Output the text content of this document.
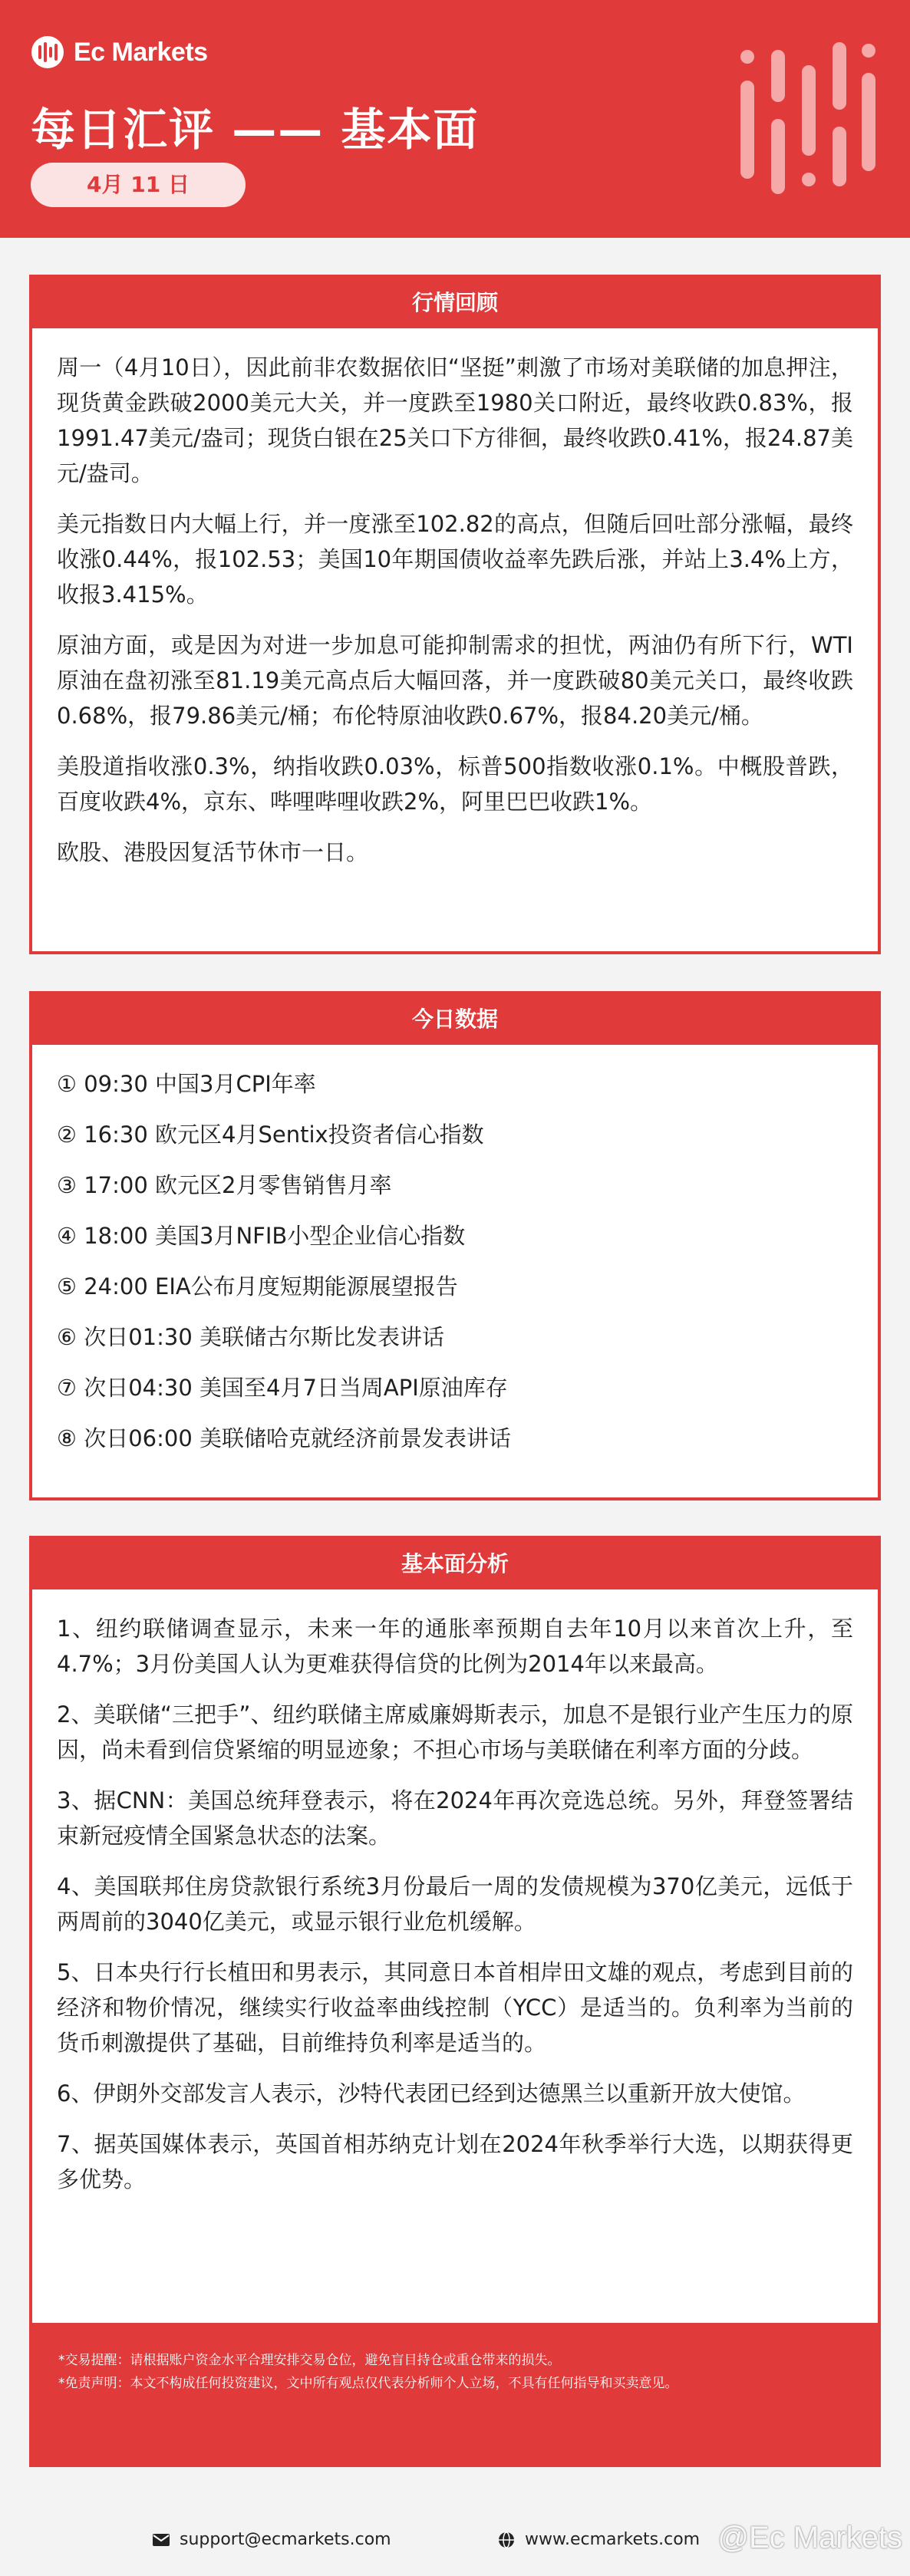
Ec Markets
每日汇评 —— 基本面
4月 11 日
行情回顾

周一（4月10日），因此前非农数据依旧“坚挺”刺激了市场对美联储的加息押注，现货黄金跌破2000美元大关，并一度跌至1980关口附近，最终收跌0.83%，报1991.47美元/盎司；现货白银在25关口下方徘徊，最终收跌0.41%，报24.87美元/盎司。

美元指数日内大幅上行，并一度涨至102.82的高点，但随后回吐部分涨幅，最终收涨0.44%，报102.53；美国10年期国债收益率先跌后涨，并站上3.4%上方，收报3.415%。

原油方面，或是因为对进一步加息可能抑制需求的担忧，两油仍有所下行，WTI原油在盘初涨至81.19美元高点后大幅回落，并一度跌破80美元关口，最终收跌0.68%，报79.86美元/桶；布伦特原油收跌0.67%，报84.20美元/桶。

美股道指收涨0.3%，纳指收跌0.03%，标普500指数收涨0.1%。中概股普跌，百度收跌4%，京东、哔哩哔哩收跌2%，阿里巴巴收跌1%。

欧股、港股因复活节休市一日。

今日数据
① 09:30 中国3月CPI年率
② 16:30 欧元区4月Sentix投资者信心指数
③ 17:00 欧元区2月零售销售月率
④ 18:00 美国3月NFIB小型企业信心指数
⑤ 24:00 EIA公布月度短期能源展望报告
⑥ 次日01:30 美联储古尔斯比发表讲话
⑦ 次日04:30 美国至4月7日当周API原油库存
⑧ 次日06:00 美联储哈克就经济前景发表讲话
基本面分析

1、纽约联储调查显示，未来一年的通胀率预期自去年10月以来首次上升，至4.7%；3月份美国人认为更难获得信贷的比例为2014年以来最高。

2、美联储“三把手”、纽约联储主席威廉姆斯表示，加息不是银行业产生压力的原因，尚未看到信贷紧缩的明显迹象；不担心市场与美联储在利率方面的分歧。

3、据CNN：美国总统拜登表示，将在2024年再次竞选总统。另外，拜登签署结束新冠疫情全国紧急状态的法案。

4、美国联邦住房贷款银行系统3月份最后一周的发债规模为370亿美元，远低于两周前的3040亿美元，或显示银行业危机缓解。

5、日本央行行长植田和男表示，其同意日本首相岸田文雄的观点，考虑到目前的经济和物价情况，继续实行收益率曲线控制（YCC）是适当的。负利率为当前的货币刺激提供了基础，目前维持负利率是适当的。

6、伊朗外交部发言人表示，沙特代表团已经到达德黑兰以重新开放大使馆。

7、据英国媒体表示，英国首相苏纳克计划在2024年秋季举行大选，以期获得更多优势。

*交易提醒：请根据账户资金水平合理安排交易仓位，避免盲目持仓或重仓带来的损失。
*免责声明：本文不构成任何投资建议，文中所有观点仅代表分析师个人立场，不具有任何指导和买卖意见。
support@ecmarkets.com	www.ecmarkets.com @Ec Markets
